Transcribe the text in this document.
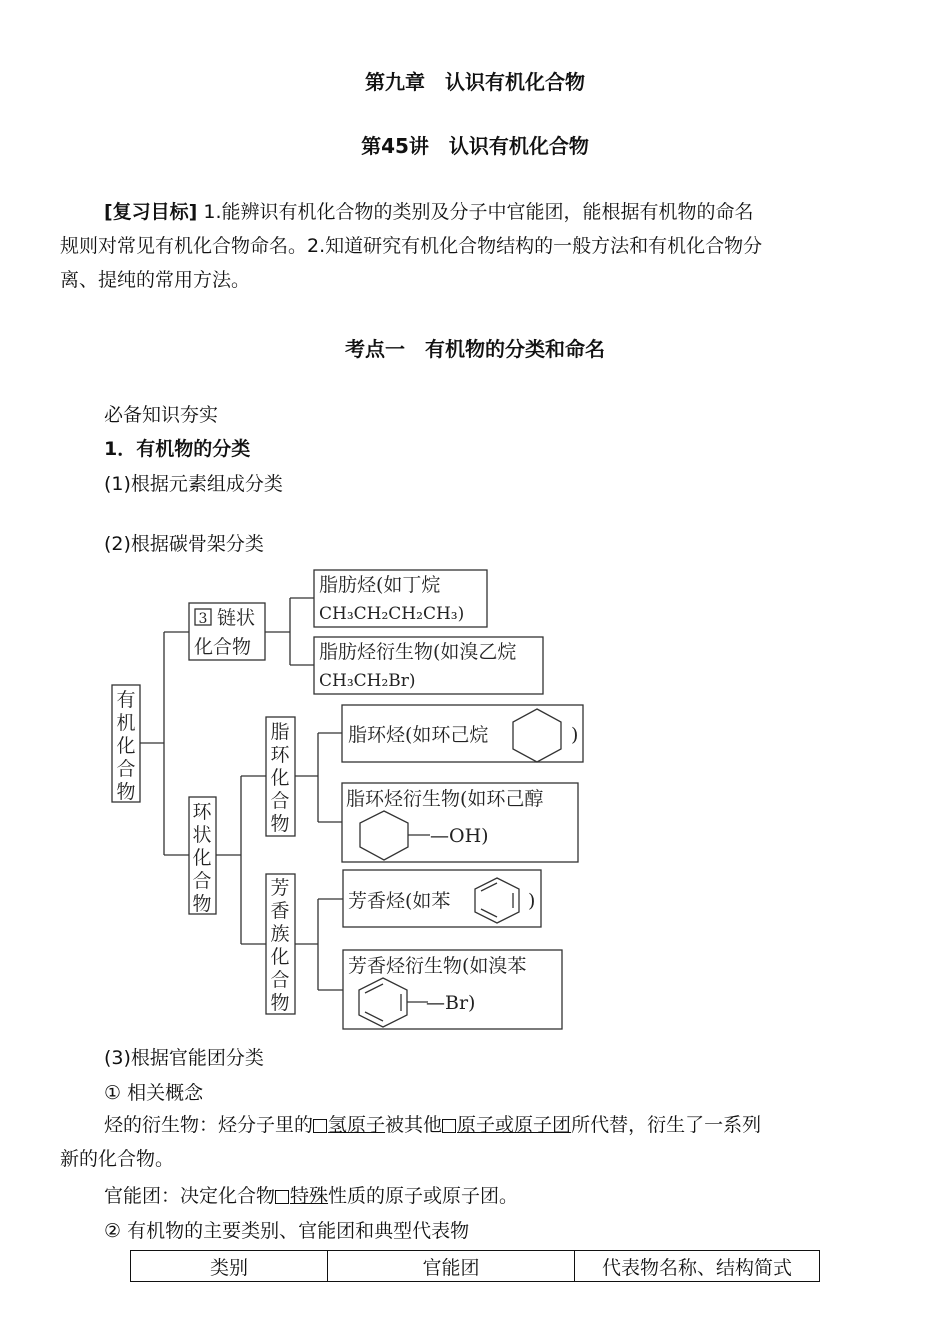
第九章　认识有机化合物
第45讲　认识有机化合物
[复习目标] 1.能辨识有机化合物的类别及分子中官能团，能根据有机物的命名
规则对常见有机化合物命名。2.知道研究有机化合物结构的一般方法和有机化合物分
离、提纯的常用方法。
考点一　有机物的分类和命名
必备知识夯实
1．有机物的分类
(1)根据元素组成分类
(2)根据碳骨架分类
有
机
化
合
物
3 链状
化合物
脂肪烃(如丁烷
CH₃CH₂CH₂CH₃)
脂肪烃衍生物(如溴乙烷
CH₃CH₂Br)
环
状
化
合
物
脂
环
化
合
物
芳
香
族
化
合
物
脂环烃(如环己烷	)
脂环烃衍生物(如环己醇
—OH)
芳香烃(如苯	)
芳香烃衍生物(如溴苯
—Br)
(3)根据官能团分类
① 相关概念
烃的衍生物：烃分子里的 氢原子被其他 原子或原子团所代替，衍生了一系列
新的化合物。
官能团：决定化合物 特殊性质的原子或原子团。
② 有机物的主要类别、官能团和典型代表物
类别	官能团	代表物名称、结构简式
